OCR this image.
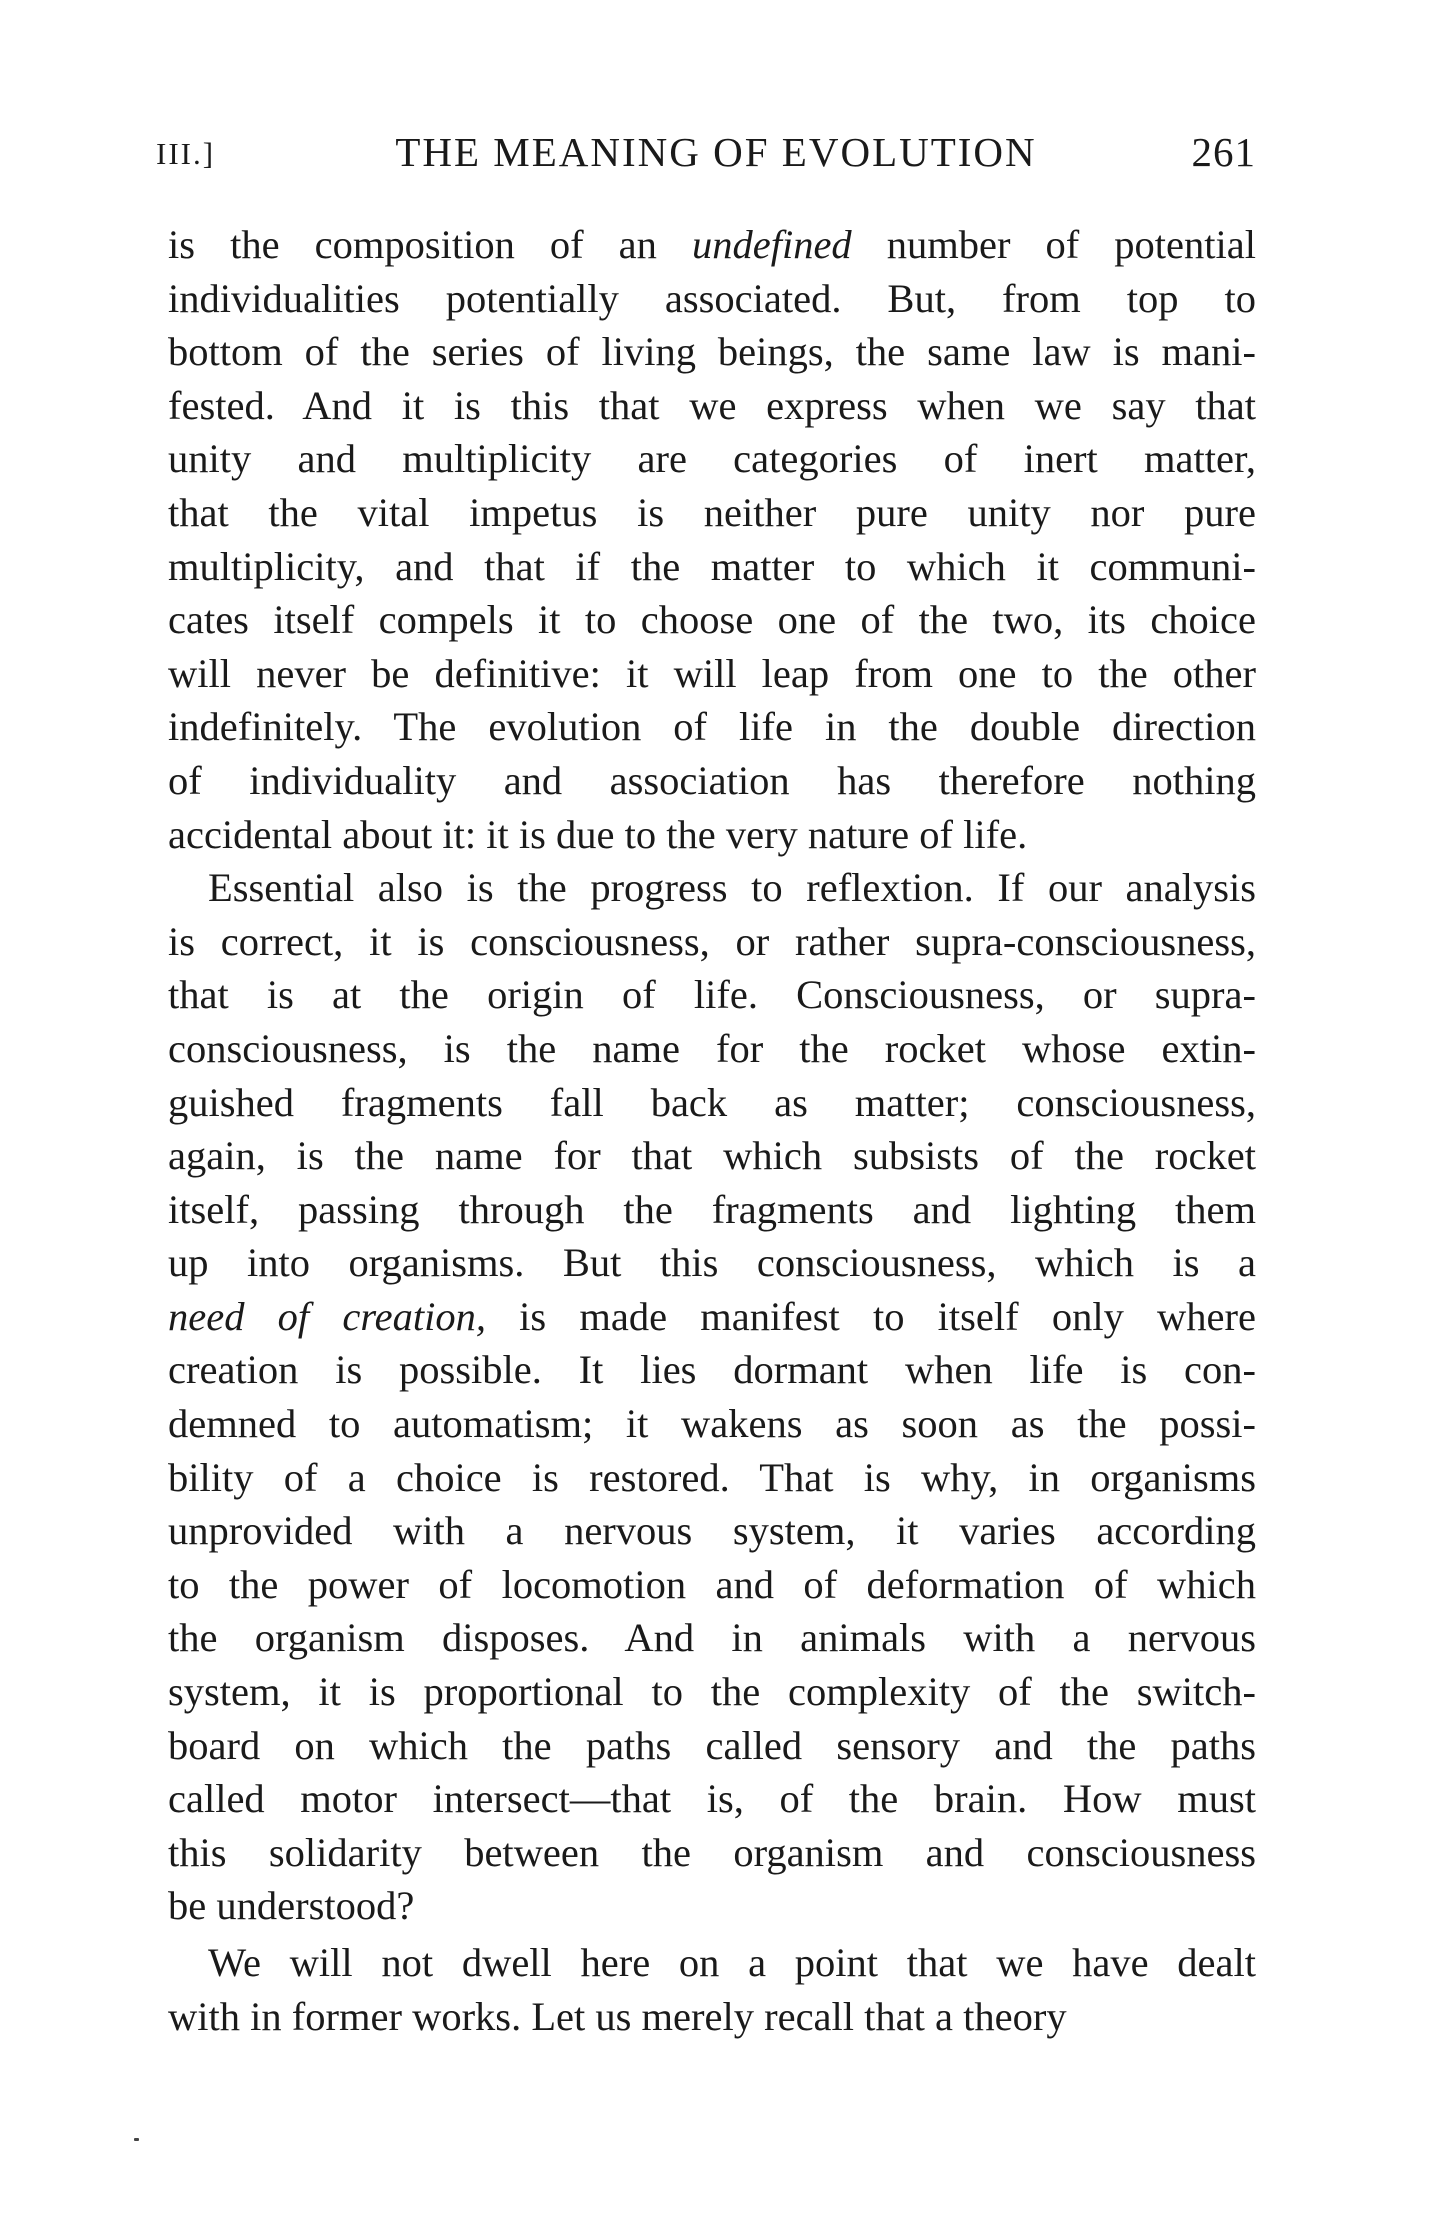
III.]	THE MEANING OF EVOLUTION	261
is the composition of an undefined number of potential
individualities potentially associated. But, from top to
bottom of the series of living beings, the same law is mani-
fested. And it is this that we express when we say that
unity and multiplicity are categories of inert matter,
that the vital impetus is neither pure unity nor pure
multiplicity, and that if the matter to which it communi-
cates itself compels it to choose one of the two, its choice
will never be definitive: it will leap from one to the other
indefinitely. The evolution of life in the double direction
of individuality and association has therefore nothing
accidental about it: it is due to the very nature of life.
Essential also is the progress to reflextion. If our analysis
is correct, it is consciousness, or rather supra-consciousness,
that is at the origin of life. Consciousness, or supra-
consciousness, is the name for the rocket whose extin-
guished fragments fall back as matter; consciousness,
again, is the name for that which subsists of the rocket
itself, passing through the fragments and lighting them
up into organisms. But this consciousness, which is a
need of creation, is made manifest to itself only where
creation is possible. It lies dormant when life is con-
demned to automatism; it wakens as soon as the possi-
bility of a choice is restored. That is why, in organisms
unprovided with a nervous system, it varies according
to the power of locomotion and of deformation of which
the organism disposes. And in animals with a nervous
system, it is proportional to the complexity of the switch-
board on which the paths called sensory and the paths
called motor intersect—that is, of the brain. How must
this solidarity between the organism and consciousness
be understood?
We will not dwell here on a point that we have dealt
with in former works. Let us merely recall that a theory
